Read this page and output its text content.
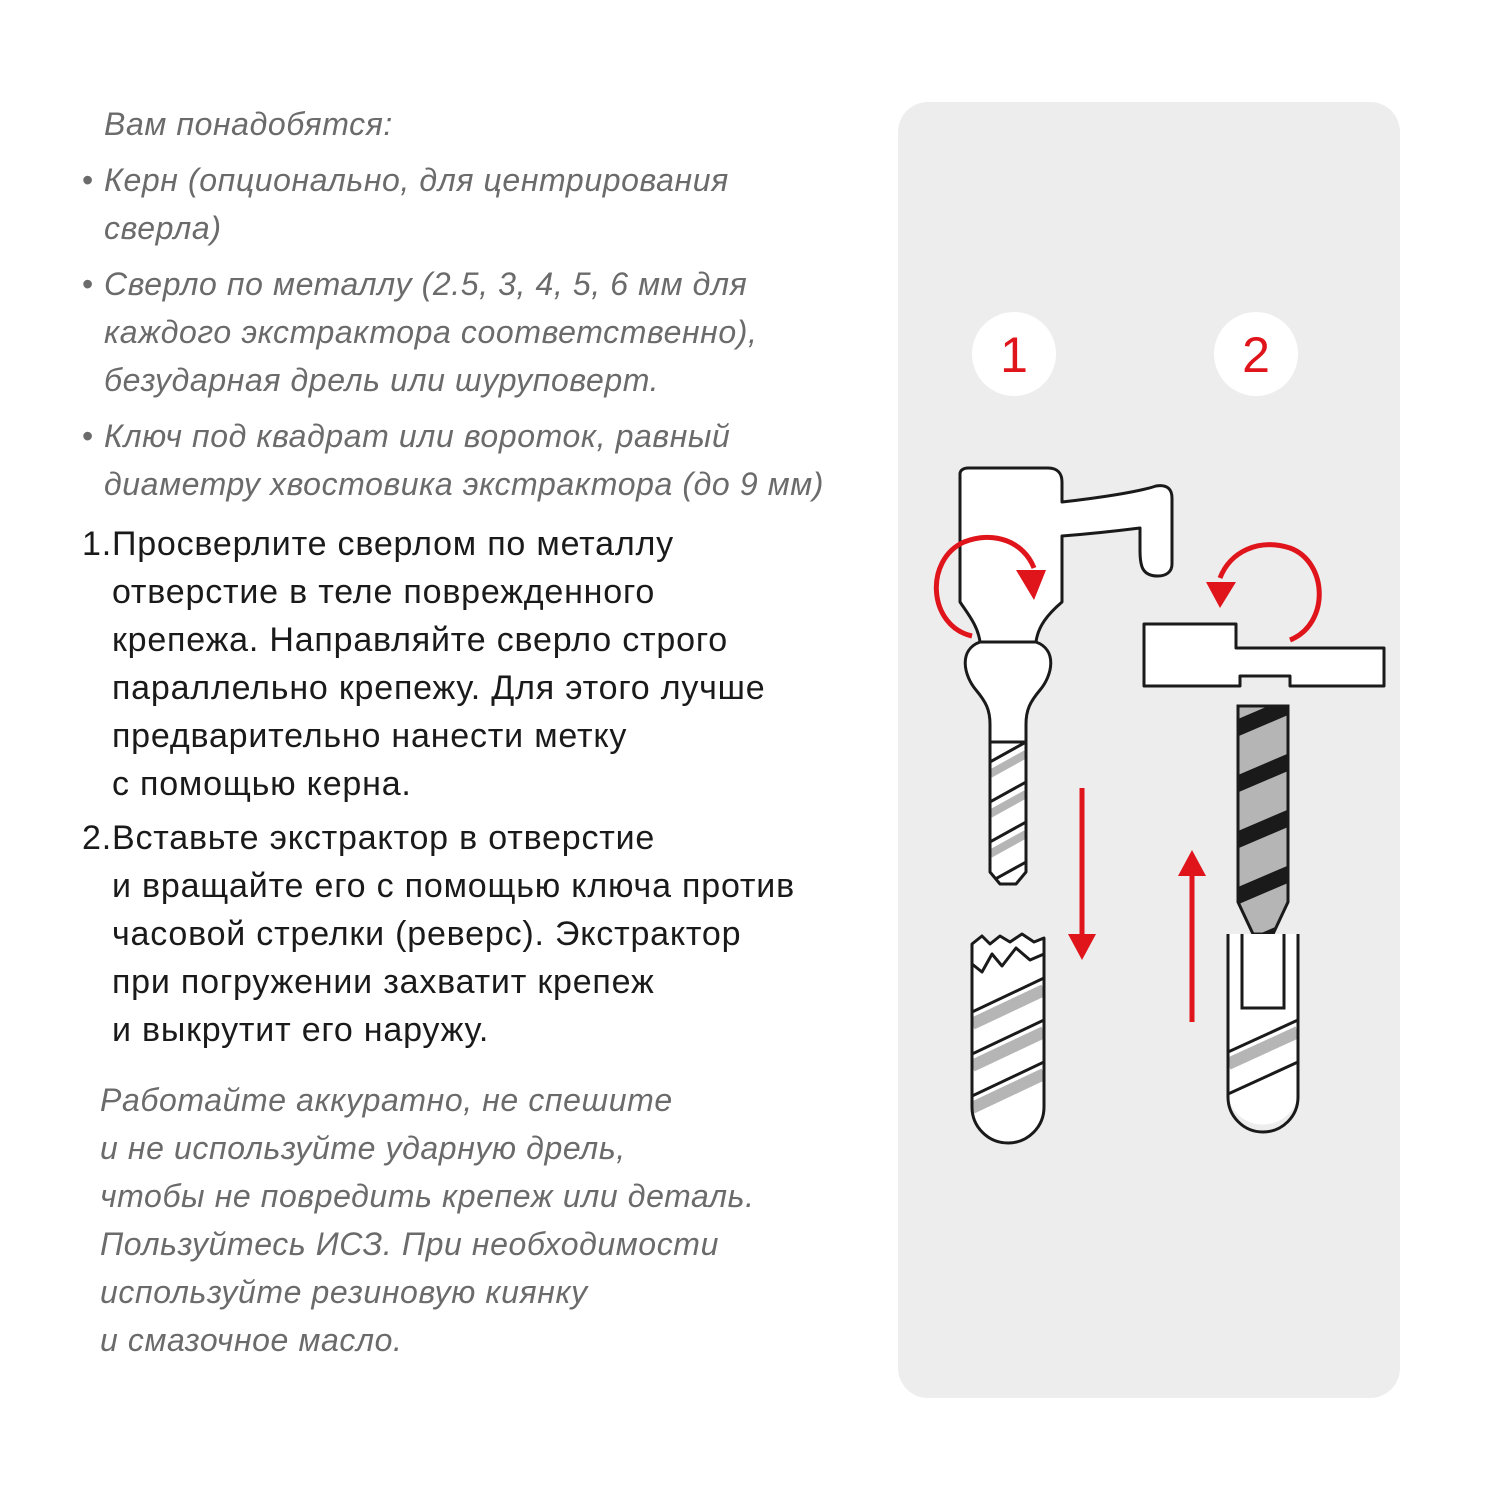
Вам понадобятся:
• Керн (опционально, для центрирования
сверла)
• Сверло по металлу (2.5, 3, 4, 5, 6 мм для
каждого экстрактора соответственно),
безударная дрель или шуруповерт.
• Ключ под квадрат или вороток, равный
диаметру хвостовика экстрактора (до 9 мм)
1. Просверлите сверлом по металлу
отверстие в теле поврежденного
крепежа. Направляйте сверло строго
параллельно крепежу. Для этого лучше
предварительно нанести метку
с помощью керна.
2. Вставьте экстрактор в отверстие
и вращайте его с помощью ключа против
часовой стрелки (реверс). Экстрактор
при погружении захватит крепеж
и выкрутит его наружу.
Работайте аккуратно, не спешите
и не используйте ударную дрель,
чтобы не повредить крепеж или деталь.
Пользуйтесь ИСЗ. При необходимости
используйте резиновую киянку
и смазочное масло.
1	2
